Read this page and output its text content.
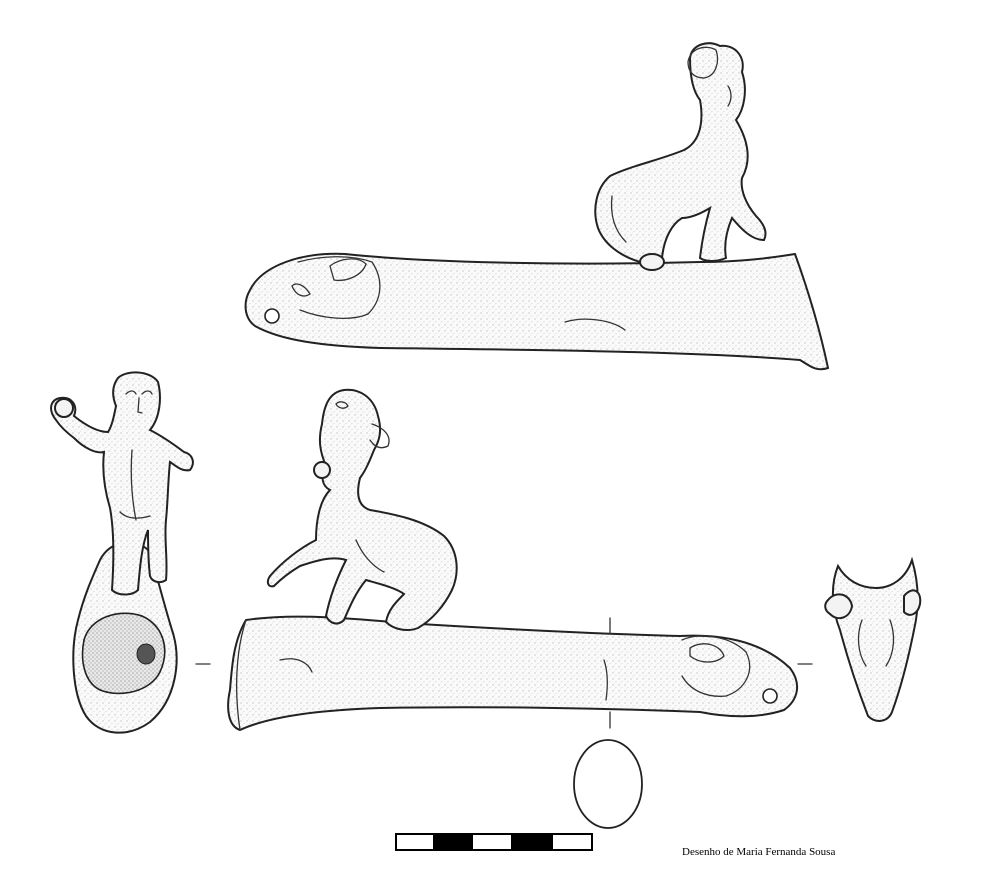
Desenho de Maria Fernanda Sousa
